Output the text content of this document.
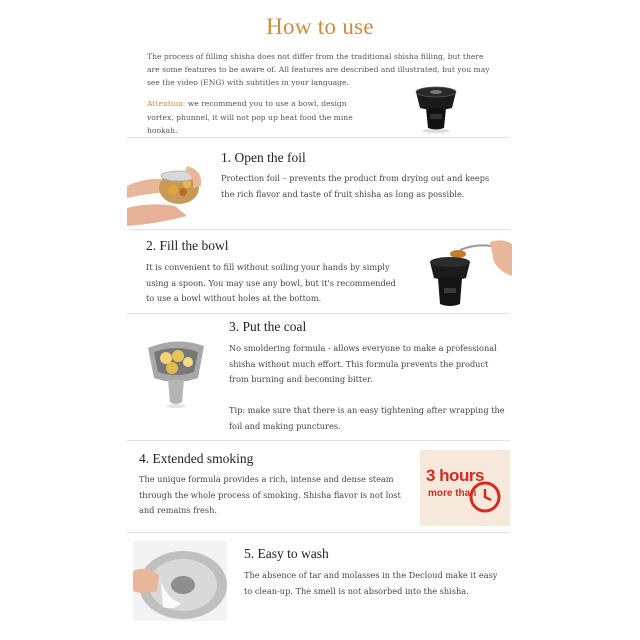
How to use
The process of filling shisha does not differ from the traditional shisha filling, but there are some features to be aware of. All features are described and illustrated, but you may see the video (ENG) with subtitles in your language.
Attention: we recommend you to use a bowl, design vortex, phunnel, it will not pop up heat food the mine hookah.
1. Open the foil
Protection foil – prevents the product from drying out and keeps the rich flavor and taste of fruit shisha as long as possible.
2. Fill the bowl
It is convenient to fill without soiling your hands by simply using a spoon. You may use any bowl, but it's recommended to use a bowl without holes at the bottom.
3. Put the coal
No smoldering formula - allows everyone to make a professional shisha without much effort. This formula prevents the product from burning and becoming bitter.
Tip: make sure that there is an easy tightening after wrapping the foil and making punctures.
4. Extended smoking
The unique formula provides a rich, intense and dense steam through the whole process of smoking. Shisha flavor is not lost and remains fresh.
3 hours
more than
5. Easy to wash
The absence of tar and molasses in the Decloud make it easy to clean-up. The smell is not absorbed into the shisha.
